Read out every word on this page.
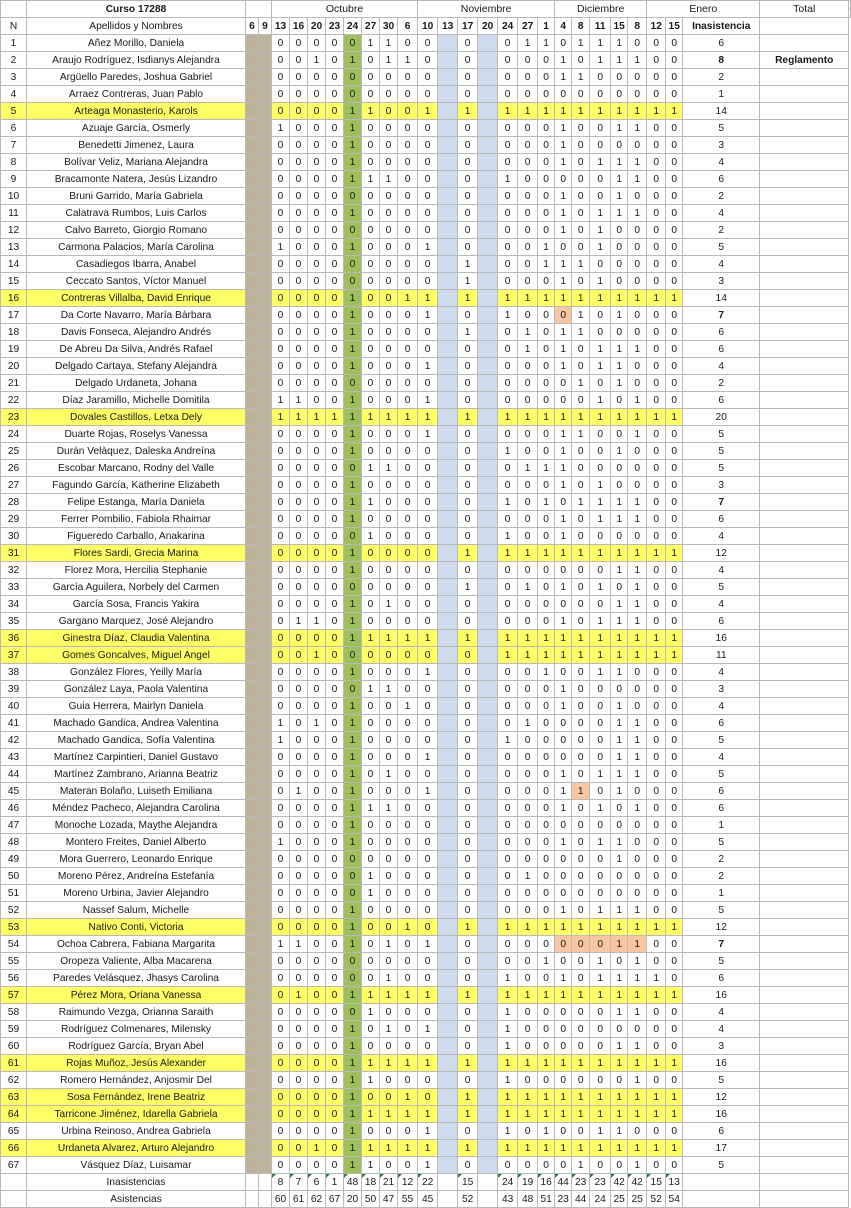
	Curso 17288			Octubre								Noviembre							Diciembre					Enero			Total	
N	Apellidos y Nombres	6	9	13	16	20	23	24	27	30	6	10	13	17	20	24	27	1	4	8	11	15	8	12	15	Inasistencia		
1	Añez Morillo, Daniela			0	0	0	0	0	1	1	0	0		0		0	1	1	0	1	1	1	0	0	0	6		
2	Araujo Rodríguez, Isdianys Alejandra			0	0	1	0	1	0	1	1	0		0		0	0	0	1	0	1	1	1	0	0	8	Reglamento	
3	Argüello Paredes, Joshua Gabriel			0	0	0	0	0	0	0	0	0		0		0	0	0	1	1	0	0	0	0	0	2		
4	Arraez Contreras, Juan Pablo			0	0	0	0	0	0	0	0	0		0		0	0	0	0	0	0	0	0	0	0	1		
5	Arteaga Monasterio, Karols			0	0	0	0	1	1	0	0	1		1		1	1	1	1	1	1	1	1	1	1	14		
6	Azuaje García, Osmerly			1	0	0	0	1	0	0	0	0		0		0	0	0	1	0	0	1	1	0	0	5		
7	Benedetti Jimenez, Laura			0	0	0	0	1	0	0	0	0		0		0	0	0	1	0	0	0	0	0	0	3		
8	Bolívar Veliz, Mariana Alejandra			0	0	0	0	1	0	0	0	0		0		0	0	0	1	0	1	1	1	0	0	4		
9	Bracamonte Natera, Jesús Lizandro			0	0	0	0	1	1	1	0	0		0		1	0	0	0	0	0	1	1	0	0	6		
10	Bruni Garrido, María Gabriela			0	0	0	0	0	0	0	0	0		0		0	0	0	1	0	0	1	0	0	0	2		
11	Calatrava Rumbos, Luis Carlos			0	0	0	0	1	0	0	0	0		0		0	0	0	1	0	1	1	1	0	0	4		
12	Calvo Barreto, Giorgio Romano			0	0	0	0	0	0	0	0	0		0		0	0	0	1	0	1	0	0	0	0	2		
13	Carmona Palacios, María Carolina			1	0	0	0	1	0	0	0	1		0		0	0	1	0	0	1	0	0	0	0	5		
14	Casadiegos Ibarra, Anabel			0	0	0	0	0	0	0	0	0		1		0	0	1	1	1	0	0	0	0	0	4		
15	Ceccato Santos, Víctor Manuel			0	0	0	0	0	0	0	0	0		1		0	0	0	1	0	1	0	0	0	0	3		
16	Contreras Villalba, David Enrique			0	0	0	0	1	0	0	1	1		1		1	1	1	1	1	1	1	1	1	1	14		
17	Da Corte Navarro, María Bárbara			0	0	0	0	1	0	0	0	1		0		1	0	0	0	1	0	1	0	0	0	7		
18	Davis Fonseca, Alejandro Andrés			0	0	0	0	1	0	0	0	0		1		0	1	0	1	1	0	0	0	0	0	6		
19	De Abreu Da Silva, Andrés Rafael			0	0	0	0	1	0	0	0	0		0		0	1	0	1	0	1	1	1	0	0	6		
20	Delgado Cartaya, Stefany Alejandra			0	0	0	0	1	0	0	0	1		0		0	0	0	1	0	1	1	0	0	0	4		
21	Delgado Urdaneta, Johana			0	0	0	0	0	0	0	0	0		0		0	0	0	0	1	0	1	0	0	0	2		
22	Díaz Jaramillo, Michelle Domitila			1	1	0	0	1	0	0	0	1		0		0	0	0	0	0	1	0	1	0	0	6		
23	Dovales Castillos, Letxa Dely			1	1	1	1	1	1	1	1	1		1		1	1	1	1	1	1	1	1	1	1	20		
24	Duarte Rojas, Roselys Vanessa			0	0	0	0	1	0	0	0	1		0		0	0	0	1	1	0	0	1	0	0	5		
25	Durán Velàquez, Daleska Andreína			0	0	0	0	1	0	0	0	0		0		1	0	0	1	0	0	1	0	0	0	5		
26	Escobar Marcano, Rodny del Valle			0	0	0	0	0	1	1	0	0		0		0	1	1	1	0	0	0	0	0	0	5		
27	Fagundo García, Katherine Elizabeth			0	0	0	0	1	0	0	0	0		0		0	0	0	1	0	1	0	0	0	0	3		
28	Felipe Estanga, María Daniela			0	0	0	0	1	1	0	0	0		0		1	0	1	0	1	1	1	1	0	0	7		
29	Ferrer Pombilio, Fabiola Rhaimar			0	0	0	0	1	0	0	0	0		0		0	0	0	1	0	1	1	1	0	0	6		
30	Figueredo Carballo, Anakarina			0	0	0	0	0	1	0	0	0		0		1	0	0	1	0	0	0	0	0	0	4		
31	Flores Sardi, Grecia Marina			0	0	0	0	1	0	0	0	0		1		1	1	1	1	1	1	1	1	1	1	12		
32	Florez Mora, Hercilia Stephanie			0	0	0	0	1	0	0	0	0		0		0	0	0	0	0	0	1	1	0	0	4		
33	García Aguilera, Norbely del Carmen			0	0	0	0	0	0	0	0	0		1		0	1	0	1	0	1	0	1	0	0	5		
34	García Sosa, Francis Yakira			0	0	0	0	1	0	1	0	0		0		0	0	0	0	0	0	1	1	0	0	4		
35	Gargano Marquez, José Alejandro			0	1	1	0	1	0	0	0	0		0		0	0	0	1	0	1	1	1	0	0	6		
36	Ginestra Díaz, Claudia Valentina			0	0	0	0	1	1	1	1	1		1		1	1	1	1	1	1	1	1	1	1	16		
37	Gomes Goncalves, Miguel Angel			0	0	1	0	0	0	0	0	0		0		1	1	1	1	1	1	1	1	1	1	11		
38	González Flores, Yeilly María			0	0	0	0	1	0	0	0	1		0		0	0	1	0	0	1	1	0	0	0	4		
39	González Laya, Paola Valentina			0	0	0	0	0	1	1	0	0		0		0	0	0	1	0	0	0	0	0	0	3		
40	Guia Herrera, Mairlyn Daniela			0	0	0	0	1	0	0	1	0		0		0	0	0	1	0	0	1	0	0	0	4		
41	Machado Gandica, Andrea Valentina			1	0	1	0	1	0	0	0	0		0		0	1	0	0	0	0	1	1	0	0	6		
42	Machado Gandica, Sofía Valentina			1	0	0	0	1	0	0	0	0		0		1	0	0	0	0	0	1	1	0	0	5		
43	Martínez Carpintieri, Daniel Gustavo			0	0	0	0	1	0	0	0	1		0		0	0	0	0	0	0	1	1	0	0	4		
44	Martínez Zambrano, Arianna Beatriz			0	0	0	0	1	0	1	0	0		0		0	0	0	1	0	1	1	1	0	0	5		
45	Materan Bolaño, Luiseth Emiliana			0	1	0	0	1	0	0	0	1		0		0	0	0	1	1	0	1	0	0	0	6		
46	Méndez Pacheco, Alejandra Carolina			0	0	0	0	1	1	1	0	0		0		0	0	0	1	0	1	0	1	0	0	6		
47	Monoche Lozada, Maythe Alejandra			0	0	0	0	1	0	0	0	0		0		0	0	0	0	0	0	0	0	0	0	1		
48	Montero Freites, Daniel Alberto			1	0	0	0	1	0	0	0	0		0		0	0	0	1	0	1	1	0	0	0	5		
49	Mora Guerrero, Leonardo Enrique			0	0	0	0	0	0	0	0	0		0		0	0	0	0	0	0	1	0	0	0	2		
50	Moreno Pérez, Andreína Estefanía			0	0	0	0	0	1	0	0	0		0		0	1	0	0	0	0	0	0	0	0	2		
51	Moreno Urbina, Javier Alejandro			0	0	0	0	0	1	0	0	0		0		0	0	0	0	0	0	0	0	0	0	1		
52	Nassef Salum, Michelle			0	0	0	0	1	0	0	0	0		0		0	0	0	1	0	1	1	1	0	0	5		
53	Nativo Conti, Victoria			0	0	0	0	1	0	0	1	0		1		1	1	1	1	1	1	1	1	1	1	12		
54	Ochoa Cabrera, Fabiana Margarita			1	1	0	0	1	0	1	0	1		0		0	0	0	0	0	0	1	1	0	0	7		
55	Oropeza Valiente, Alba Macarena			0	0	0	0	0	0	0	0	0		0		0	0	1	0	0	1	0	1	0	0	5		
56	Paredes Velásquez, Jhasys Carolina			0	0	0	0	0	0	1	0	0		0		1	0	0	1	0	1	1	1	1	0	6		
57	Pérez Mora, Oriana Vanessa			0	1	0	0	1	1	1	1	1		1		1	1	1	1	1	1	1	1	1	1	16		
58	Raimundo Vezga, Orianna Saraith			0	0	0	0	0	1	0	0	0		0		1	0	0	0	0	0	1	1	0	0	4		
59	Rodríguez Colmenares, Milensky			0	0	0	0	1	0	1	0	1		0		1	0	0	0	0	0	0	0	0	0	4		
60	Rodríguez García, Bryan Abel			0	0	0	0	1	0	0	0	0		0		1	0	0	0	0	0	1	1	0	0	3		
61	Rojas Muñoz, Jesús Alexander			0	0	0	0	1	1	1	1	1		1		1	1	1	1	1	1	1	1	1	1	16		
62	Romero Hernández, Anjosmir Del			0	0	0	0	1	1	0	0	0		0		1	0	0	0	0	0	0	1	0	0	5		
63	Sosa Fernández, Irene Beatriz			0	0	0	0	1	0	0	1	0		1		1	1	1	1	1	1	1	1	1	1	12		
64	Tarricone Jiménez, Idarella Gabriela			0	0	0	0	1	1	1	1	1		1		1	1	1	1	1	1	1	1	1	1	16		
65	Urbina Reinoso, Andrea Gabriela			0	0	0	0	1	0	0	0	1		0		1	0	1	0	0	1	1	0	0	0	6		
66	Urdaneta Alvarez, Arturo Alejandro			0	0	1	0	1	1	1	1	1		1		1	1	1	1	1	1	1	1	1	1	17		
67	Vásquez Díaz, Luisamar			0	0	0	0	1	1	0	0	1		0		0	0	0	0	1	0	0	1	0	0	5		
	Inasistencias			8	7	6	1	48	18	21	12	22		15		24	19	16	44	23	23	42	42	15	13			
	Asistencias			60	61	62	67	20	50	47	55	45		52		43	48	51	23	44	24	25	25	52	54			
